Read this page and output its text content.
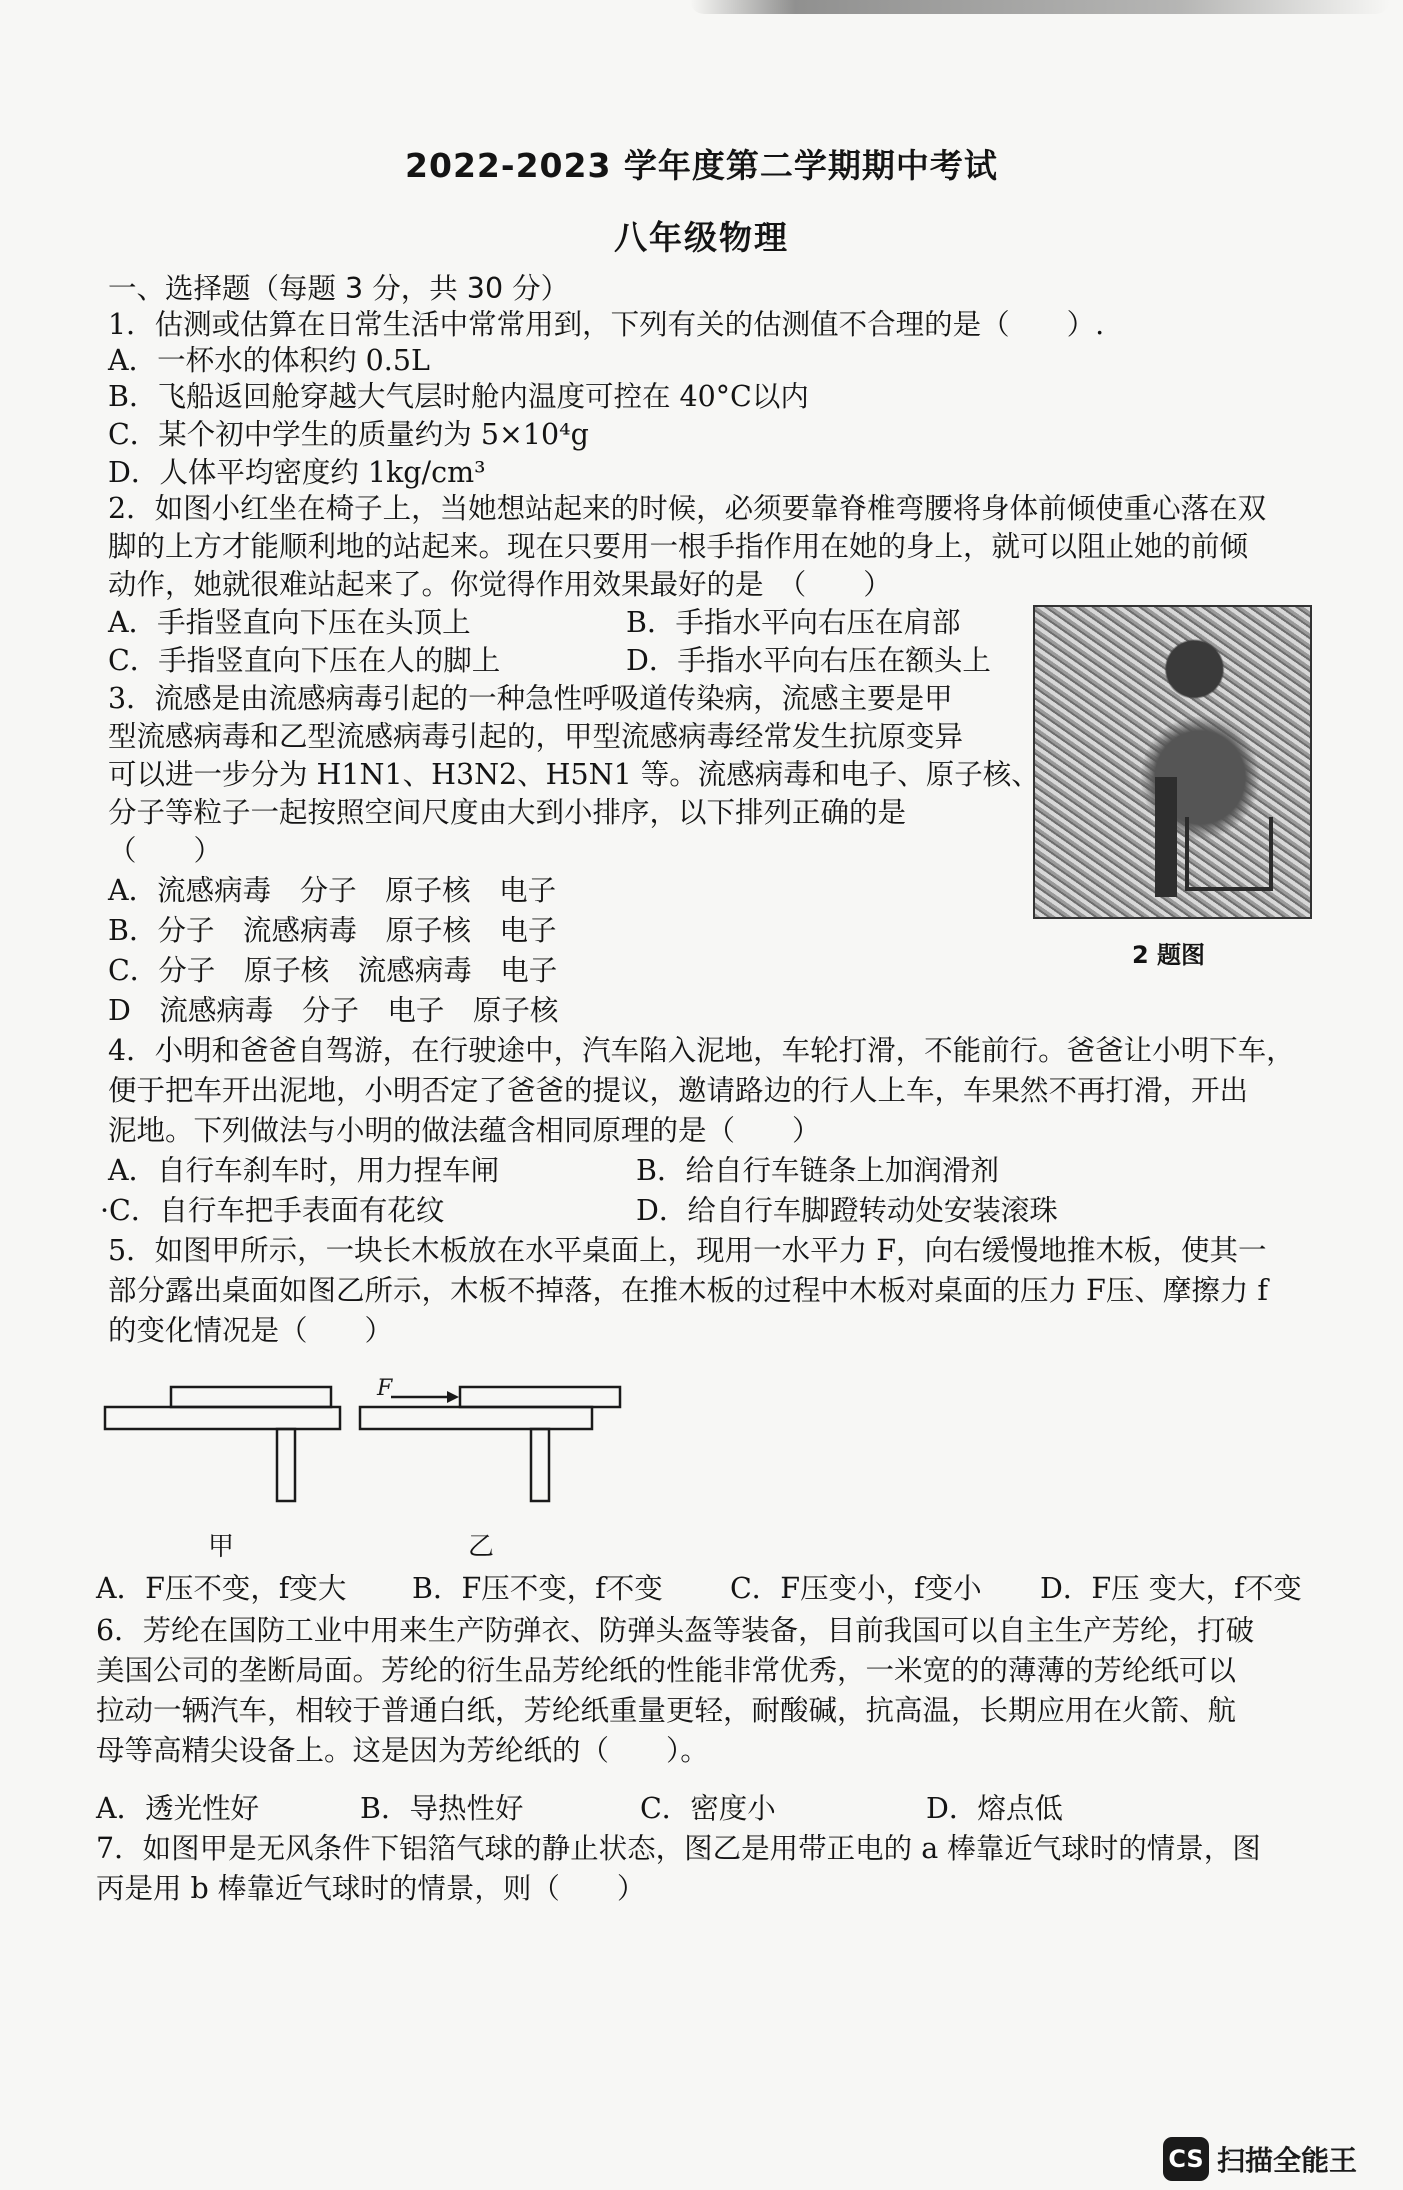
2022-2023 学年度第二学期期中考试
八年级物理
一、选择题（每题 3 分，共 30 分）
1．估测或估算在日常生活中常常用到，下列有关的估测值不合理的是（　　）.
A．一杯水的体积约 0.5L
B．飞船返回舱穿越大气层时舱内温度可控在 40°C以内
C．某个初中学生的质量约为 5×10⁴g
D．人体平均密度约 1kg/cm³
2．如图小红坐在椅子上，当她想站起来的时候，必须要靠脊椎弯腰将身体前倾使重心落在双
脚的上方才能顺利地的站起来。现在只要用一根手指作用在她的身上，就可以阻止她的前倾
动作，她就很难站起来了。你觉得作用效果最好的是　（　　）
A．手指竖直向下压在头顶上	B．手指水平向右压在肩部
C．手指竖直向下压在人的脚上	D．手指水平向右压在额头上
2 题图
3．流感是由流感病毒引起的一种急性呼吸道传染病，流感主要是甲
型流感病毒和乙型流感病毒引起的，甲型流感病毒经常发生抗原变异
可以进一步分为 H1N1、H3N2、H5N1 等。流感病毒和电子、原子核、
分子等粒子一起按照空间尺度由大到小排序，以下排列正确的是
（　　）
A．流感病毒　分子　原子核　电子
B．分子　流感病毒　原子核　电子
C．分子　原子核　流感病毒　电子
D　流感病毒　分子　电子　原子核
4．小明和爸爸自驾游，在行驶途中，汽车陷入泥地，车轮打滑，不能前行。爸爸让小明下车，
便于把车开出泥地，小明否定了爸爸的提议，邀请路边的行人上车，车果然不再打滑，开出
泥地。下列做法与小明的做法蕴含相同原理的是（　　）
A．自行车刹车时，用力捏车闸	B．给自行车链条上加润滑剂
·C．自行车把手表面有花纹	D．给自行车脚蹬转动处安装滚珠
5．如图甲所示，一块长木板放在水平桌面上，现用一水平力 F，向右缓慢地推木板，使其一
部分露出桌面如图乙所示，木板不掉落，在推木板的过程中木板对桌面的压力 F压、摩擦力 f
的变化情况是（　　）
F
甲	乙
A．F压不变，f变大 B．F压不变，f不变 C．F压变小，f变小 D．F压 变大，f不变
6．芳纶在国防工业中用来生产防弹衣、防弹头盔等装备，目前我国可以自主生产芳纶，打破
美国公司的垄断局面。芳纶的衍生品芳纶纸的性能非常优秀，一米宽的的薄薄的芳纶纸可以
拉动一辆汽车，相较于普通白纸，芳纶纸重量更轻，耐酸碱，抗高温，长期应用在火箭、航
母等高精尖设备上。这是因为芳纶纸的（　　）。
A．透光性好	B．导热性好	C．密度小	D．熔点低
7．如图甲是无风条件下铝箔气球的静止状态，图乙是用带正电的 a 棒靠近气球时的情景，图
丙是用 b 棒靠近气球时的情景，则（　　）
CS 扫描全能王
